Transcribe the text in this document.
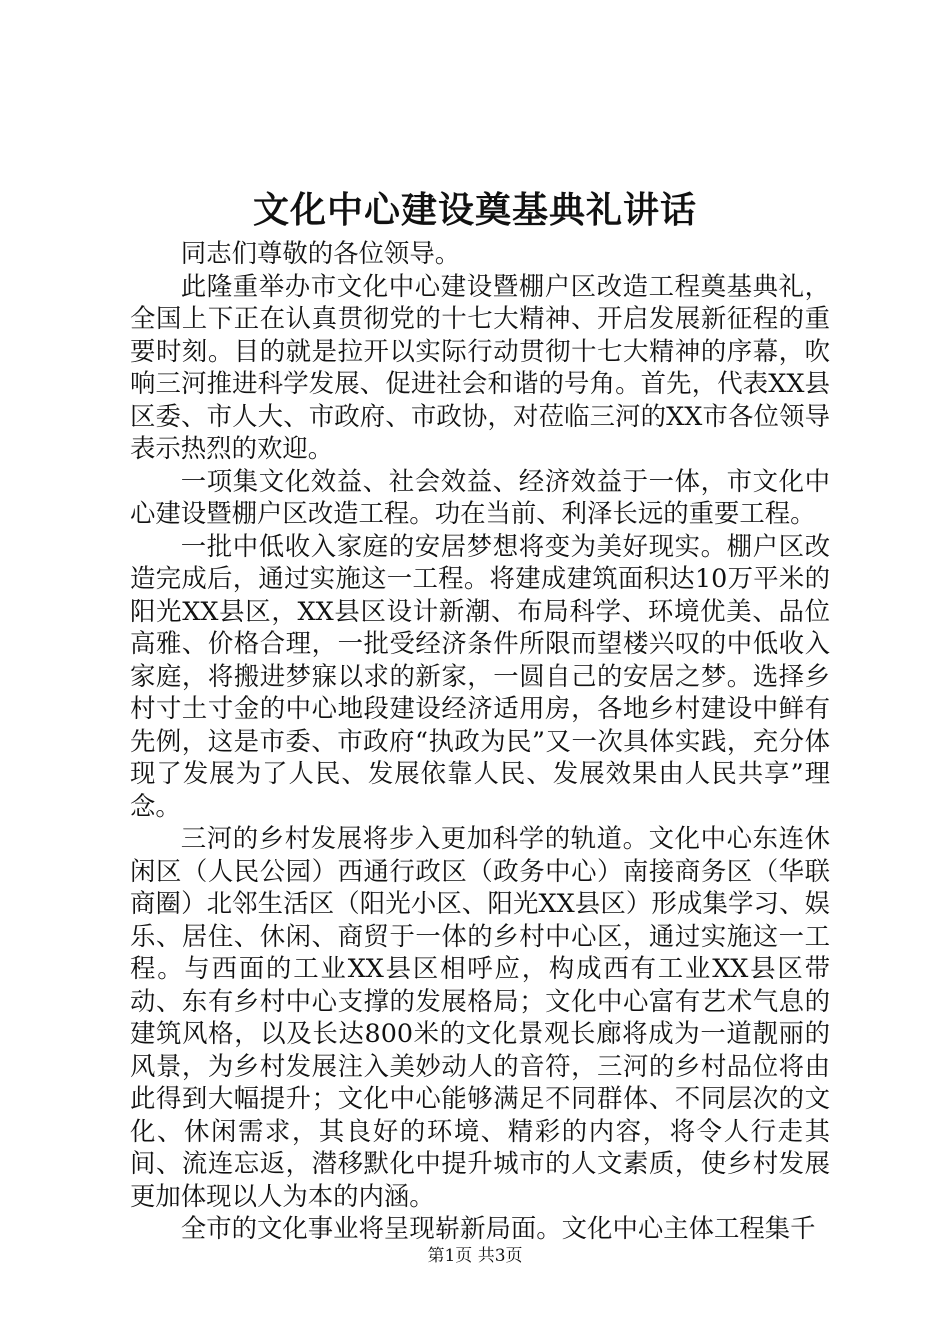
文化中心建设奠基典礼讲话

同志们尊敬的各位领导。

此隆重举办市文化中心建设暨棚户区改造工程奠基典礼，全国上下正在认真贯彻党的十七大精神、开启发展新征程的重要时刻。目的就是拉开以实际行动贯彻十七大精神的序幕，吹响三河推进科学发展、促进社会和谐的号角。首先，代表XX县区委、市人大、市政府、市政协，对莅临三河的XX市各位领导表示热烈的欢迎。

一项集文化效益、社会效益、经济效益于一体，市文化中心建设暨棚户区改造工程。功在当前、利泽长远的重要工程。

一批中低收入家庭的安居梦想将变为美好现实。棚户区改造完成后，通过实施这一工程。将建成建筑面积达10万平米的阳光XX县区，XX县区设计新潮、布局科学、环境优美、品位高雅、价格合理，一批受经济条件所限而望楼兴叹的中低收入家庭，将搬进梦寐以求的新家，一圆自己的安居之梦。选择乡村寸土寸金的中心地段建设经济适用房，各地乡村建设中鲜有先例，这是市委、市政府“执政为民”又一次具体实践，充分体现了发展为了人民、发展依靠人民、发展效果由人民共享”理念。

三河的乡村发展将步入更加科学的轨道。文化中心东连休闲区（人民公园）西通行政区（政务中心）南接商务区（华联商圈）北邻生活区（阳光小区、阳光XX县区）形成集学习、娱乐、居住、休闲、商贸于一体的乡村中心区，通过实施这一工程。与西面的工业XX县区相呼应，构成西有工业XX县区带动、东有乡村中心支撑的发展格局；文化中心富有艺术气息的建筑风格，以及长达800米的文化景观长廊将成为一道靓丽的风景，为乡村发展注入美妙动人的音符，三河的乡村品位将由此得到大幅提升；文化中心能够满足不同群体、不同层次的文化、休闲需求，其良好的环境、精彩的内容，将令人行走其间、流连忘返，潜移默化中提升城市的人文素质，使乡村发展更加体现以人为本的内涵。

全市的文化事业将呈现崭新局面。文化中心主体工程集千

第1页 共3页
